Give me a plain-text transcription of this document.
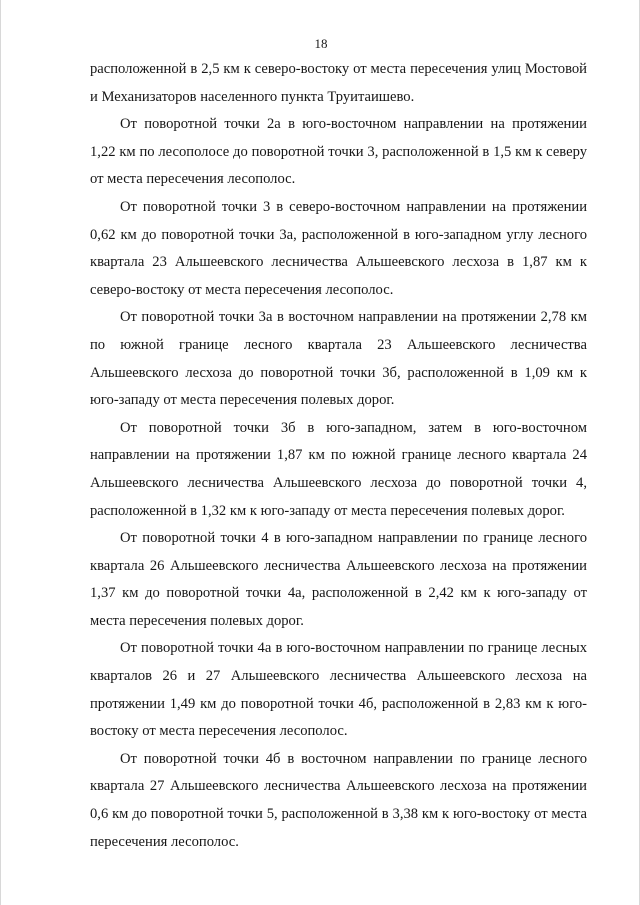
18

расположенной в 2,5 км к северо-востоку от места пересечения улиц Мостовой и Механизаторов населенного пункта Труитаишево.

От поворотной точки 2а в юго-восточном направлении на протяжении 1,22 км по лесополосе до поворотной точки 3, расположенной в 1,5 км к северу от места пересечения лесополос.

От поворотной точки 3 в северо-восточном направлении на протяжении 0,62 км до поворотной точки 3а, расположенной в юго-западном углу лесного квартала 23 Альшеевского лесничества Альшеевского лесхоза в 1,87 км к северо-востоку от места пересечения лесополос.

От поворотной точки 3а в восточном направлении на протяжении 2,78 км по южной границе лесного квартала 23 Альшеевского лесничества Альшеевского лесхоза до поворотной точки 3б, расположенной в 1,09 км к юго-западу от места пересечения полевых дорог.

От поворотной точки 3б в юго-западном, затем в юго-восточном направлении на протяжении 1,87 км по южной границе лесного квартала 24 Альшеевского лесничества Альшеевского лесхоза до поворотной точки 4, расположенной в 1,32 км к юго-западу от места пересечения полевых дорог.

От поворотной точки 4 в юго-западном направлении по границе лесного квартала 26 Альшеевского лесничества Альшеевского лесхоза на протяжении 1,37 км до поворотной точки 4а, расположенной в 2,42 км к юго-западу от места пересечения полевых дорог.

От поворотной точки 4а в юго-восточном направлении по границе лесных кварталов 26 и 27 Альшеевского лесничества Альшеевского лесхоза на протяжении 1,49 км до поворотной точки 4б, расположенной в 2,83 км к юго-востоку от места пересечения лесополос.

От поворотной точки 4б в восточном направлении по границе лесного квартала 27 Альшеевского лесничества Альшеевского лесхоза на протяжении 0,6 км до поворотной точки 5, расположенной в 3,38 км к юго-востоку от места пересечения лесополос.
